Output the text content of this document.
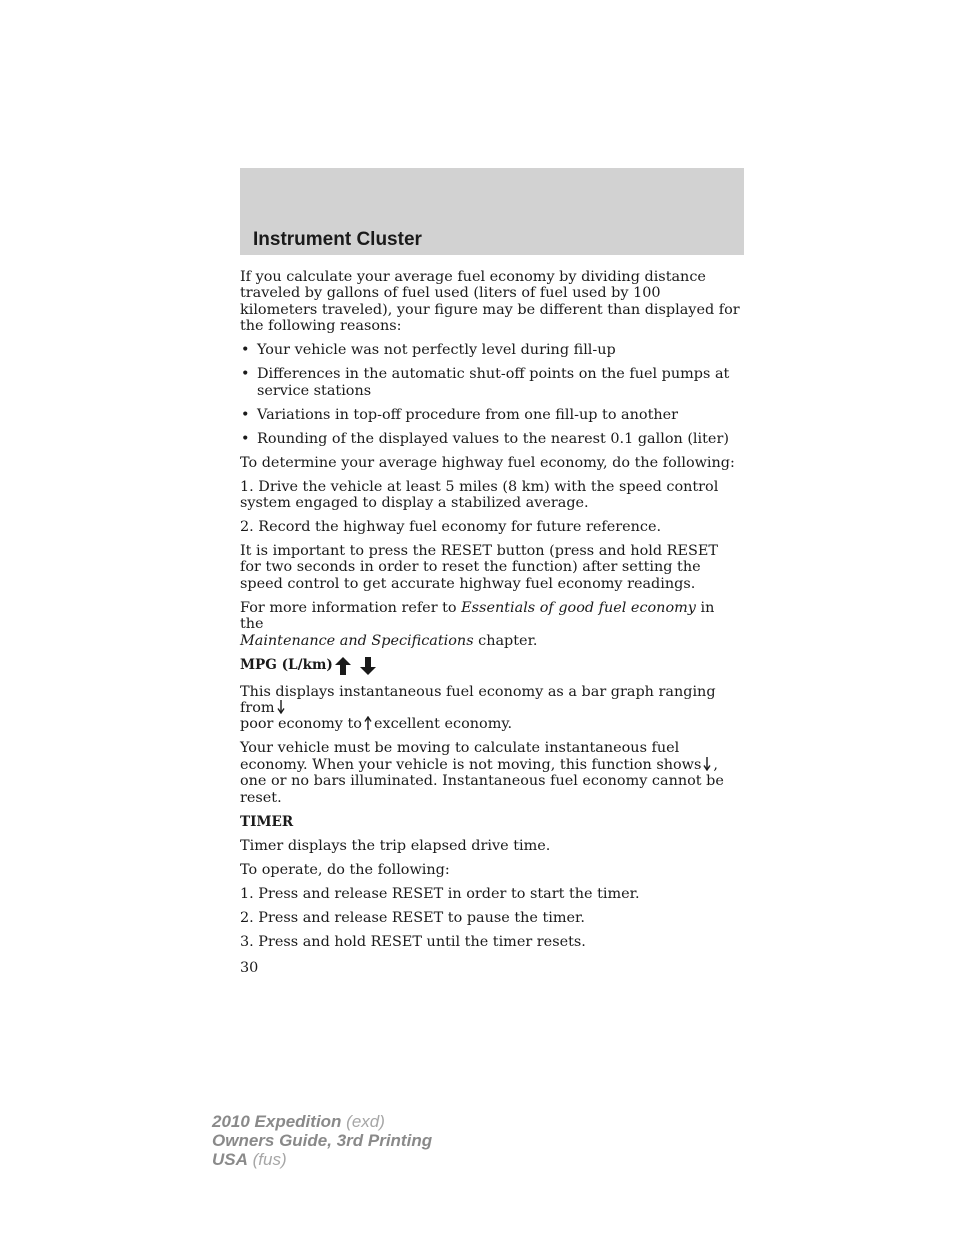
Instrument Cluster

If you calculate your average fuel economy by dividing distance traveled by gallons of fuel used (liters of fuel used by 100 kilometers traveled), your figure may be different than displayed for the following reasons:

• Your vehicle was not perfectly level during fill-up
• Differences in the automatic shut-off points on the fuel pumps at service stations
• Variations in top-off procedure from one fill-up to another
• Rounding of the displayed values to the nearest 0.1 gallon (liter)

To determine your average highway fuel economy, do the following:

1. Drive the vehicle at least 5 miles (8 km) with the speed control system engaged to display a stabilized average.

2. Record the highway fuel economy for future reference.

It is important to press the RESET button (press and hold RESET for two seconds in order to reset the function) after setting the speed control to get accurate highway fuel economy readings.

For more information refer to Essentials of good fuel economy in the
Maintenance and Specifications chapter.

MPG (L/km)

This displays instantaneous fuel economy as a bar graph ranging from
poor economy to excellent economy.

Your vehicle must be moving to calculate instantaneous fuel economy. When your vehicle is not moving, this function shows , one or no bars illuminated. Instantaneous fuel economy cannot be reset.

TIMER

Timer displays the trip elapsed drive time.

To operate, do the following:

1. Press and release RESET in order to start the timer.

2. Press and release RESET to pause the timer.

3. Press and hold RESET until the timer resets.

30
2010 Expedition (exd)
Owners Guide, 3rd Printing
USA (fus)
